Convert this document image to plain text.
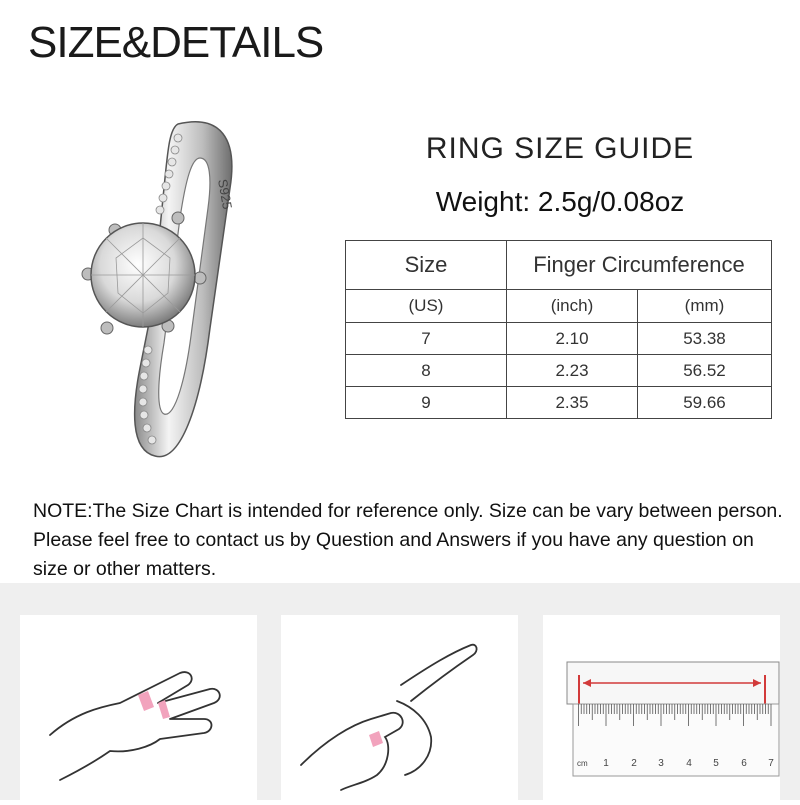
SIZE&DETAILS
S925
RING SIZE GUIDE
Weight: 2.5g/0.08oz
Size	Finger Circumference	
(US)	(inch)	(mm)
7	2.10	53.38
8	2.23	56.52
9	2.35	59.66
NOTE:The Size Chart is intended for reference only. Size can be vary between person.
Please feel free to contact us by Question and Answers if you have any question on
size or other matters.
cm 1 2 3 4 5 6 7
